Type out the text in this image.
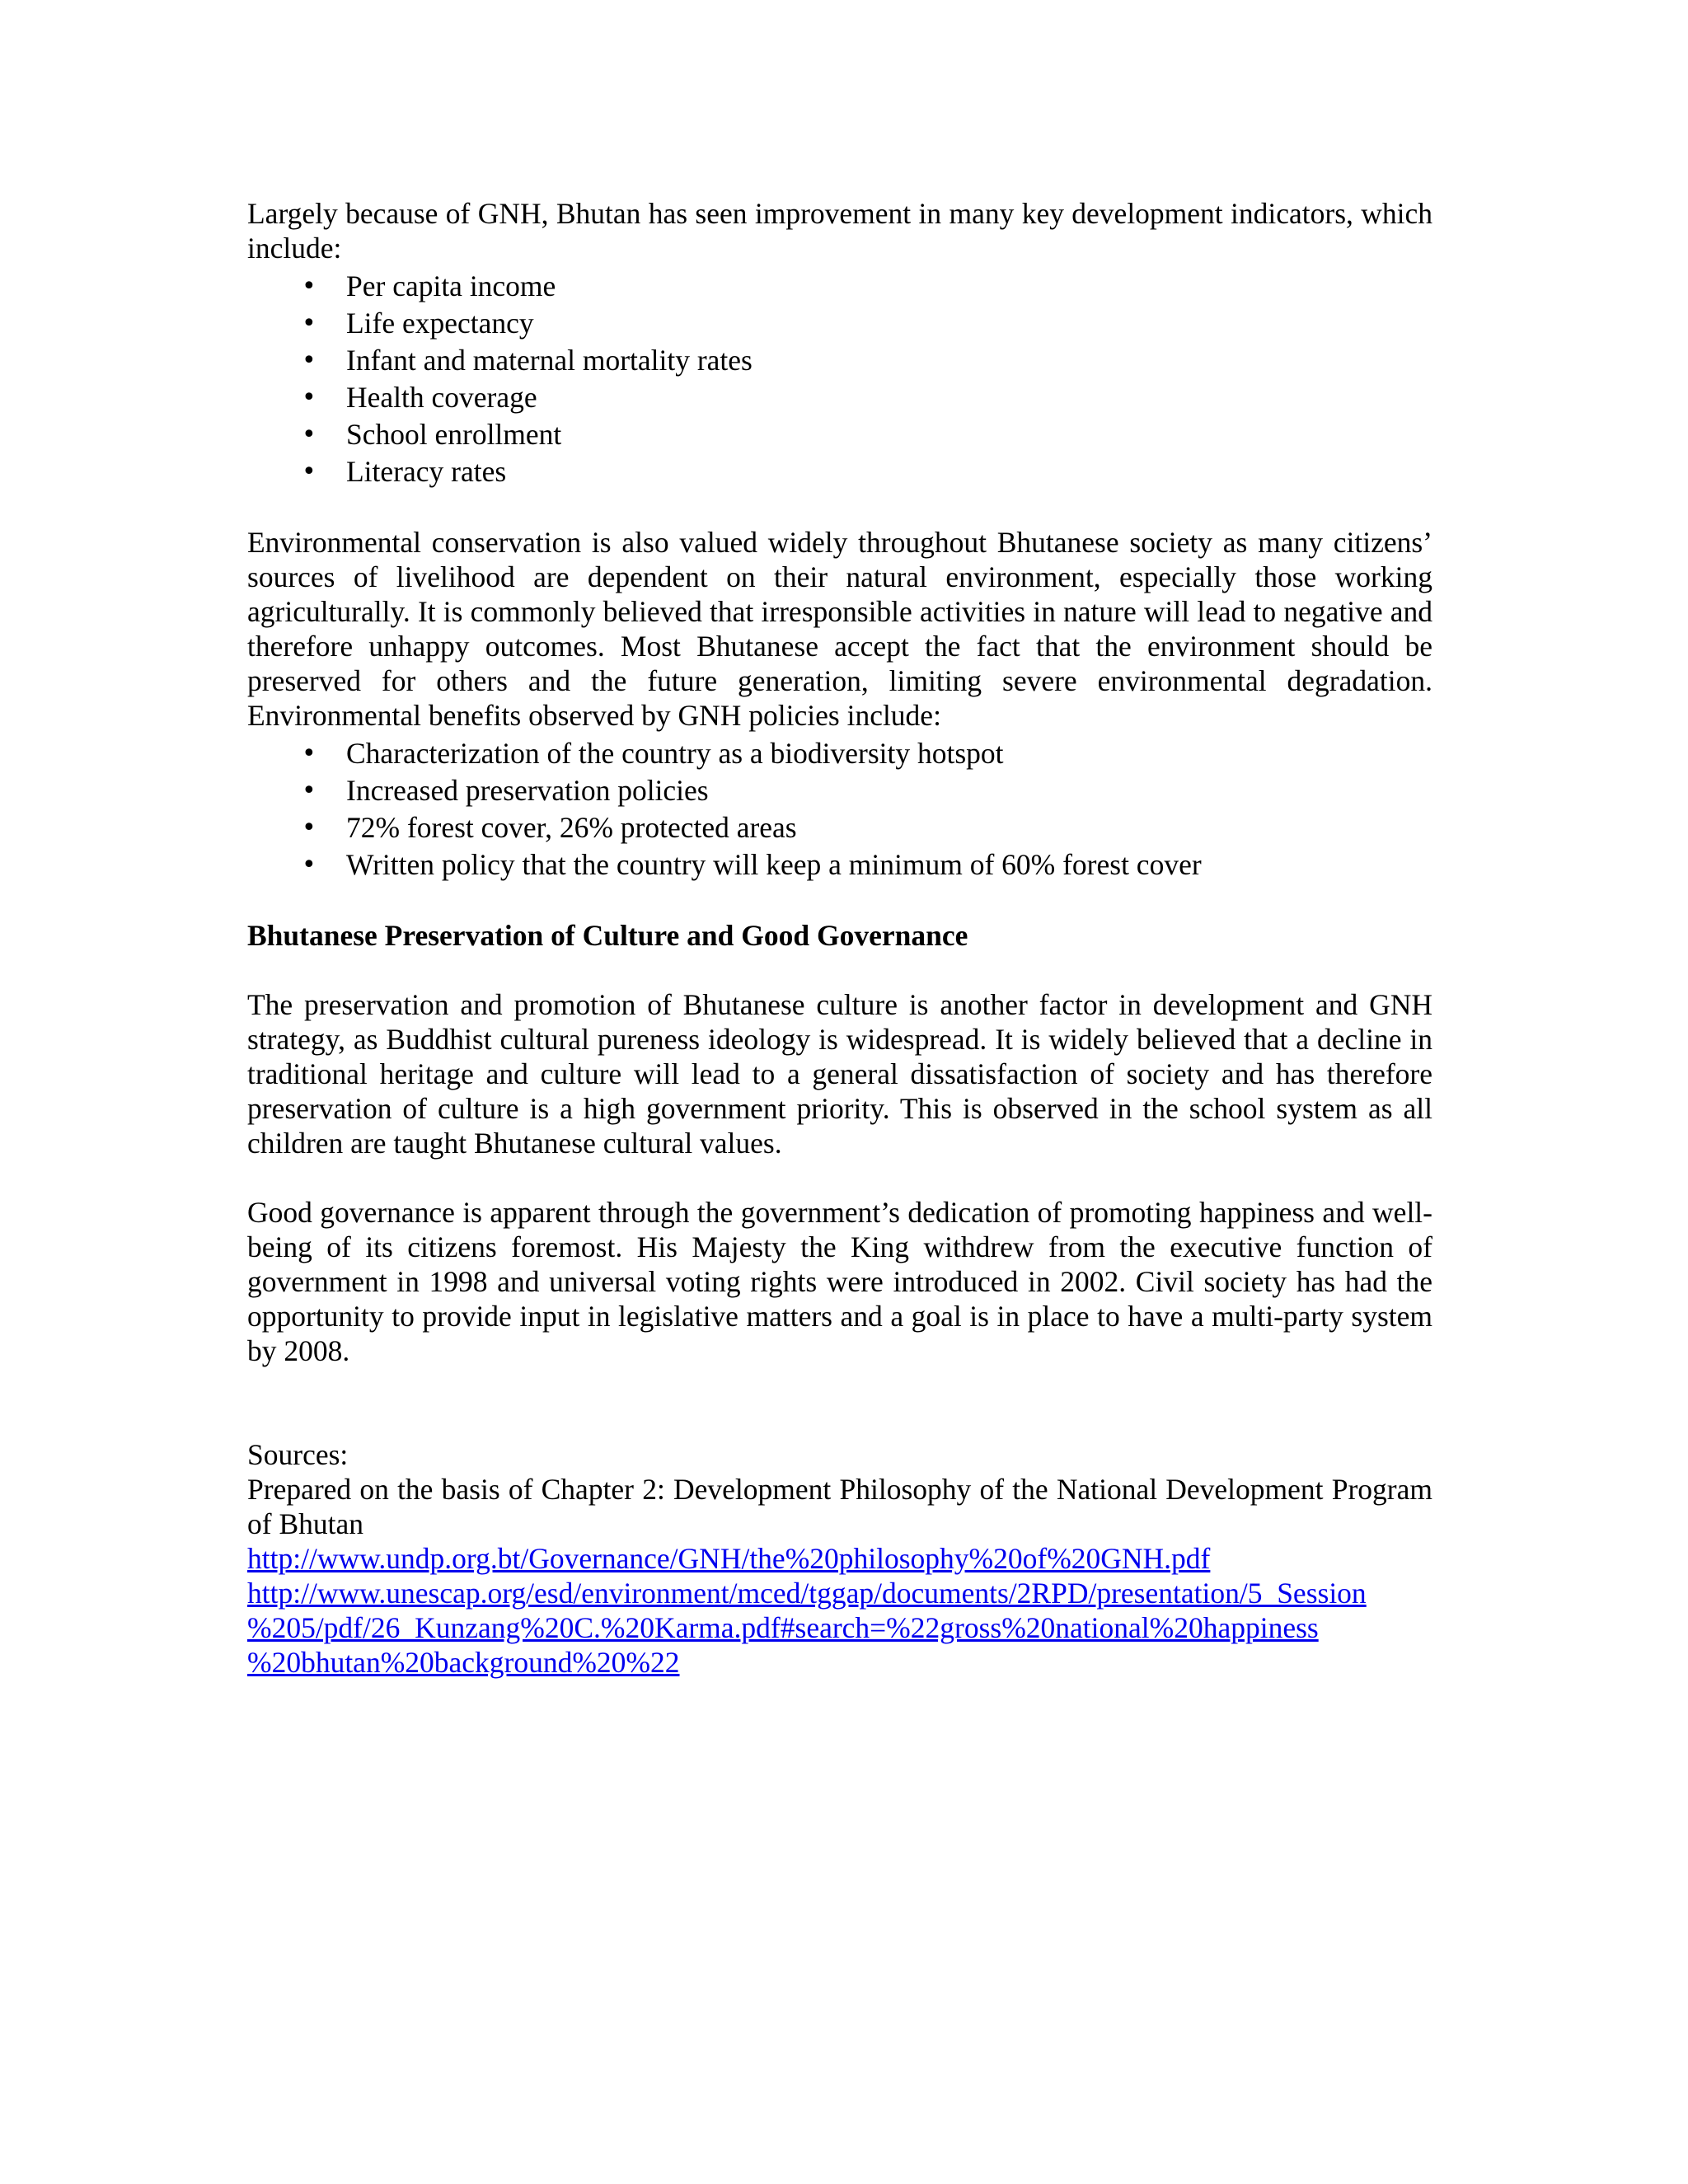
Largely because of GNH, Bhutan has seen improvement in many key development indicators, which include:

• Per capita income
• Life expectancy
• Infant and maternal mortality rates
• Health coverage
• School enrollment
• Literacy rates

Environmental conservation is also valued widely throughout Bhutanese society as many citizens’ sources of livelihood are dependent on their natural environment, especially those working agriculturally. It is commonly believed that irresponsible activities in nature will lead to negative and therefore unhappy outcomes. Most Bhutanese accept the fact that the environment should be preserved for others and the future generation, limiting severe environmental degradation. Environmental benefits observed by GNH policies include:

• Characterization of the country as a biodiversity hotspot
• Increased preservation policies
• 72% forest cover, 26% protected areas
• Written policy that the country will keep a minimum of 60% forest cover

Bhutanese Preservation of Culture and Good Governance

The preservation and promotion of Bhutanese culture is another factor in development and GNH strategy, as Buddhist cultural pureness ideology is widespread. It is widely believed that a decline in traditional heritage and culture will lead to a general dissatisfaction of society and has therefore preservation of culture is a high government priority. This is observed in the school system as all children are taught Bhutanese cultural values.

Good governance is apparent through the government’s dedication of promoting happiness and well-being of its citizens foremost. His Majesty the King withdrew from the executive function of government in 1998 and universal voting rights were introduced in 2002. Civil society has had the opportunity to provide input in legislative matters and a goal is in place to have a multi-party system by 2008.

Sources:

Prepared on the basis of Chapter 2: Development Philosophy of the National Development Program of Bhutan

http://www.undp.org.bt/Governance/GNH/the%20philosophy%20of%20GNH.pdf
http://www.unescap.org/esd/environment/mced/tggap/documents/2RPD/presentation/5_Session
%205/pdf/26_Kunzang%20C.%20Karma.pdf#search=%22gross%20national%20happiness
%20bhutan%20background%20%22
